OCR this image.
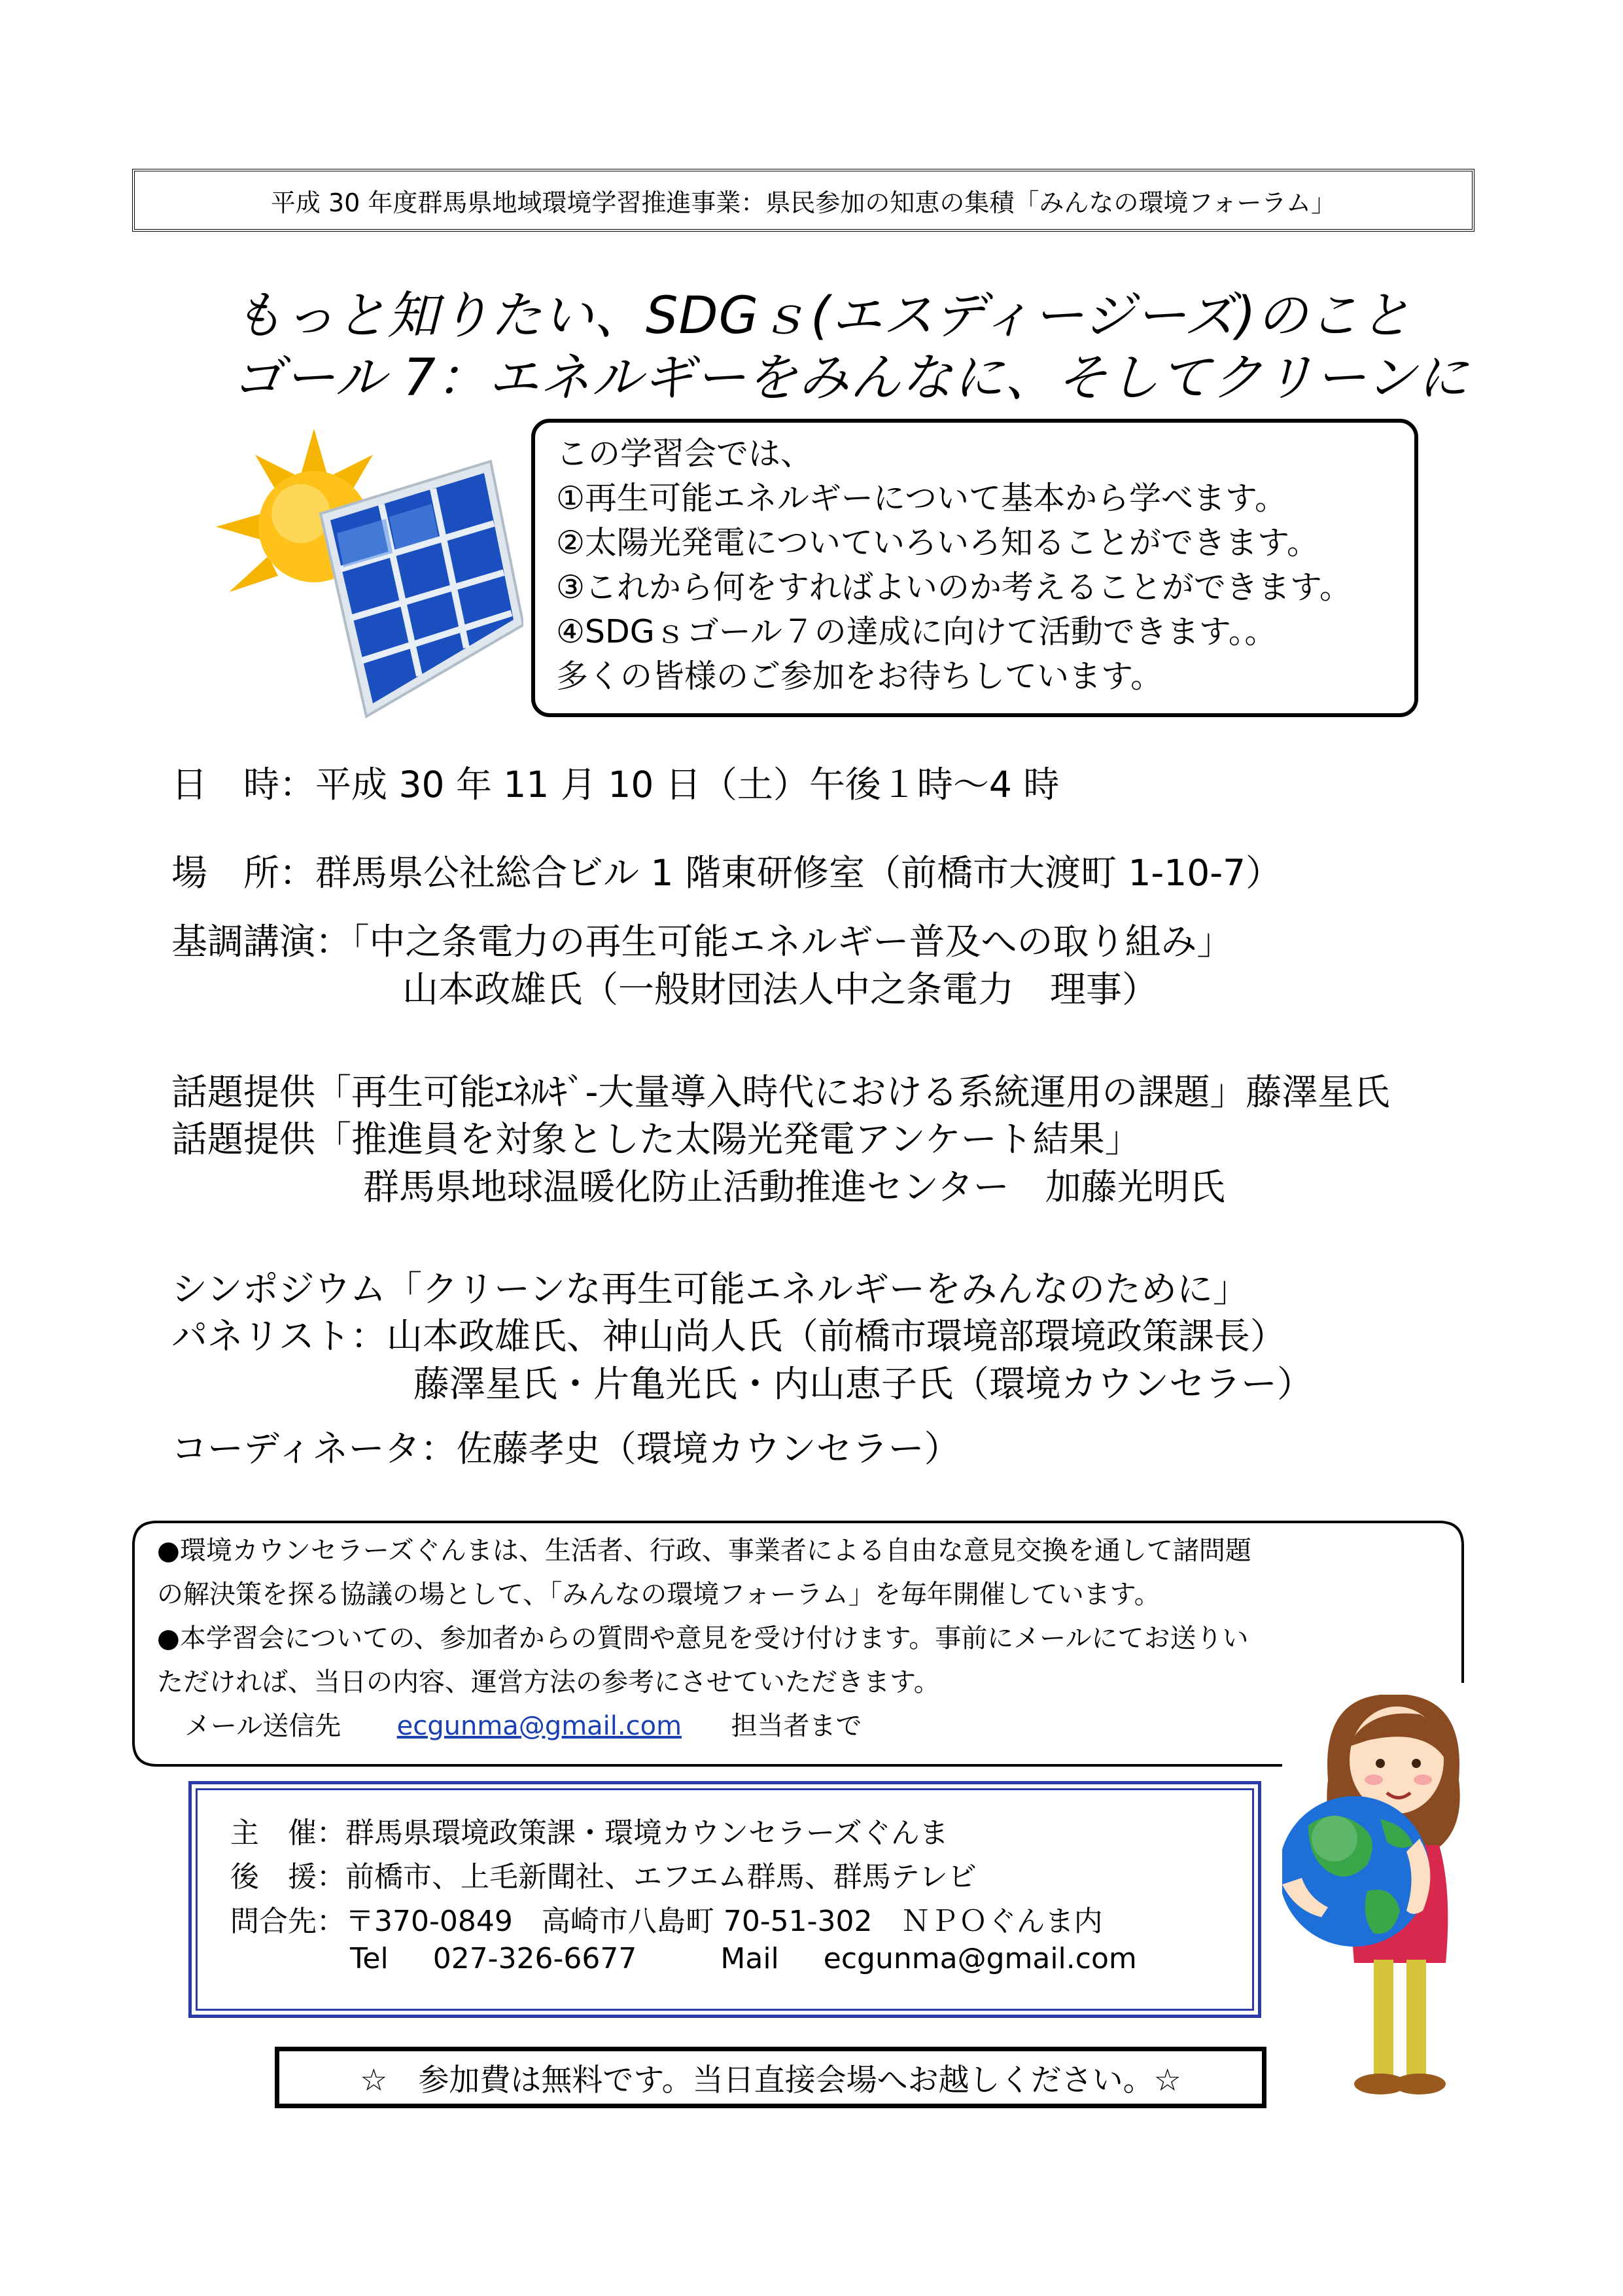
平成 30 年度群馬県地域環境学習推進事業：県民参加の知恵の集積「みんなの環境フォーラム」
もっと知りたい、SDGｓ(エスディージーズ)のこと
ゴール 7：エネルギーをみんなに、そしてクリーンに
この学習会では、
①再生可能エネルギーについて基本から学べます。
②太陽光発電についていろいろ知ることができます。
③これから何をすればよいのか考えることができます。
④SDGｓゴール７の達成に向けて活動できます。。
多くの皆様のご参加をお待ちしています。
日　時：平成 30 年 11 月 10 日（土）午後１時～4 時
場　所：群馬県公社総合ビル 1 階東研修室（前橋市大渡町 1-10-7）
基調講演：「中之条電力の再生可能エネルギー普及への取り組み」
山本政雄氏（一般財団法人中之条電力　理事）
話題提供「再生可能ｴﾈﾙｷﾞ-大量導入時代における系統運用の課題」藤澤星氏
話題提供「推進員を対象とした太陽光発電アンケート結果」
群馬県地球温暖化防止活動推進センター　加藤光明氏
シンポジウム「クリーンな再生可能エネルギーをみんなのために」
パネリスト：山本政雄氏、神山尚人氏（前橋市環境部環境政策課長）
藤澤星氏・片亀光氏・内山恵子氏（環境カウンセラー）
コーディネータ：佐藤孝史（環境カウンセラー）
●環境カウンセラーズぐんまは、生活者、行政、事業者による自由な意見交換を通して諸問題
の解決策を探る協議の場として、「みんなの環境フォーラム」を毎年開催しています。
●本学習会についての、参加者からの質問や意見を受け付けます。事前にメールにてお送りい
ただければ、当日の内容、運営方法の参考にさせていただきます。
メール送信先 ecgunma@gmail.com 担当者まで
主　催：群馬県環境政策課・環境カウンセラーズぐんま
後　援：前橋市、上毛新聞社、エフエム群馬、群馬テレビ
問合先：〒370-0849　高崎市八島町 70-51-302　ＮＰＯぐんま内
Tel 027-326-6677	Mail ecgunma@gmail.com
☆　参加費は無料です。当日直接会場へお越しください。☆
